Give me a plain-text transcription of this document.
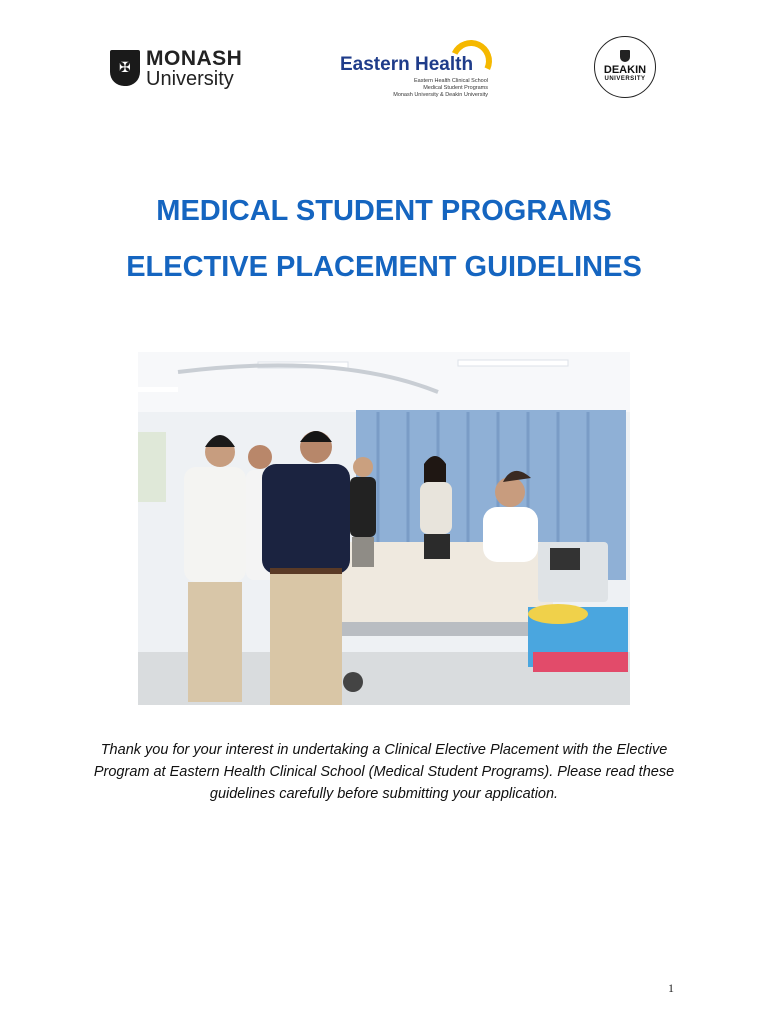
✠ MONASH
University
Eastern Health
Eastern Health Clinical School
Medical Student Programs
Monash University & Deakin University
DEAKIN
UNIVERSITY
MEDICAL STUDENT PROGRAMS
ELECTIVE PLACEMENT GUIDELINES
Thank you for your interest in undertaking a Clinical Elective Placement with the Elective Program at Eastern Health Clinical School (Medical Student Programs). Please read these guidelines carefully before submitting your application.
1
